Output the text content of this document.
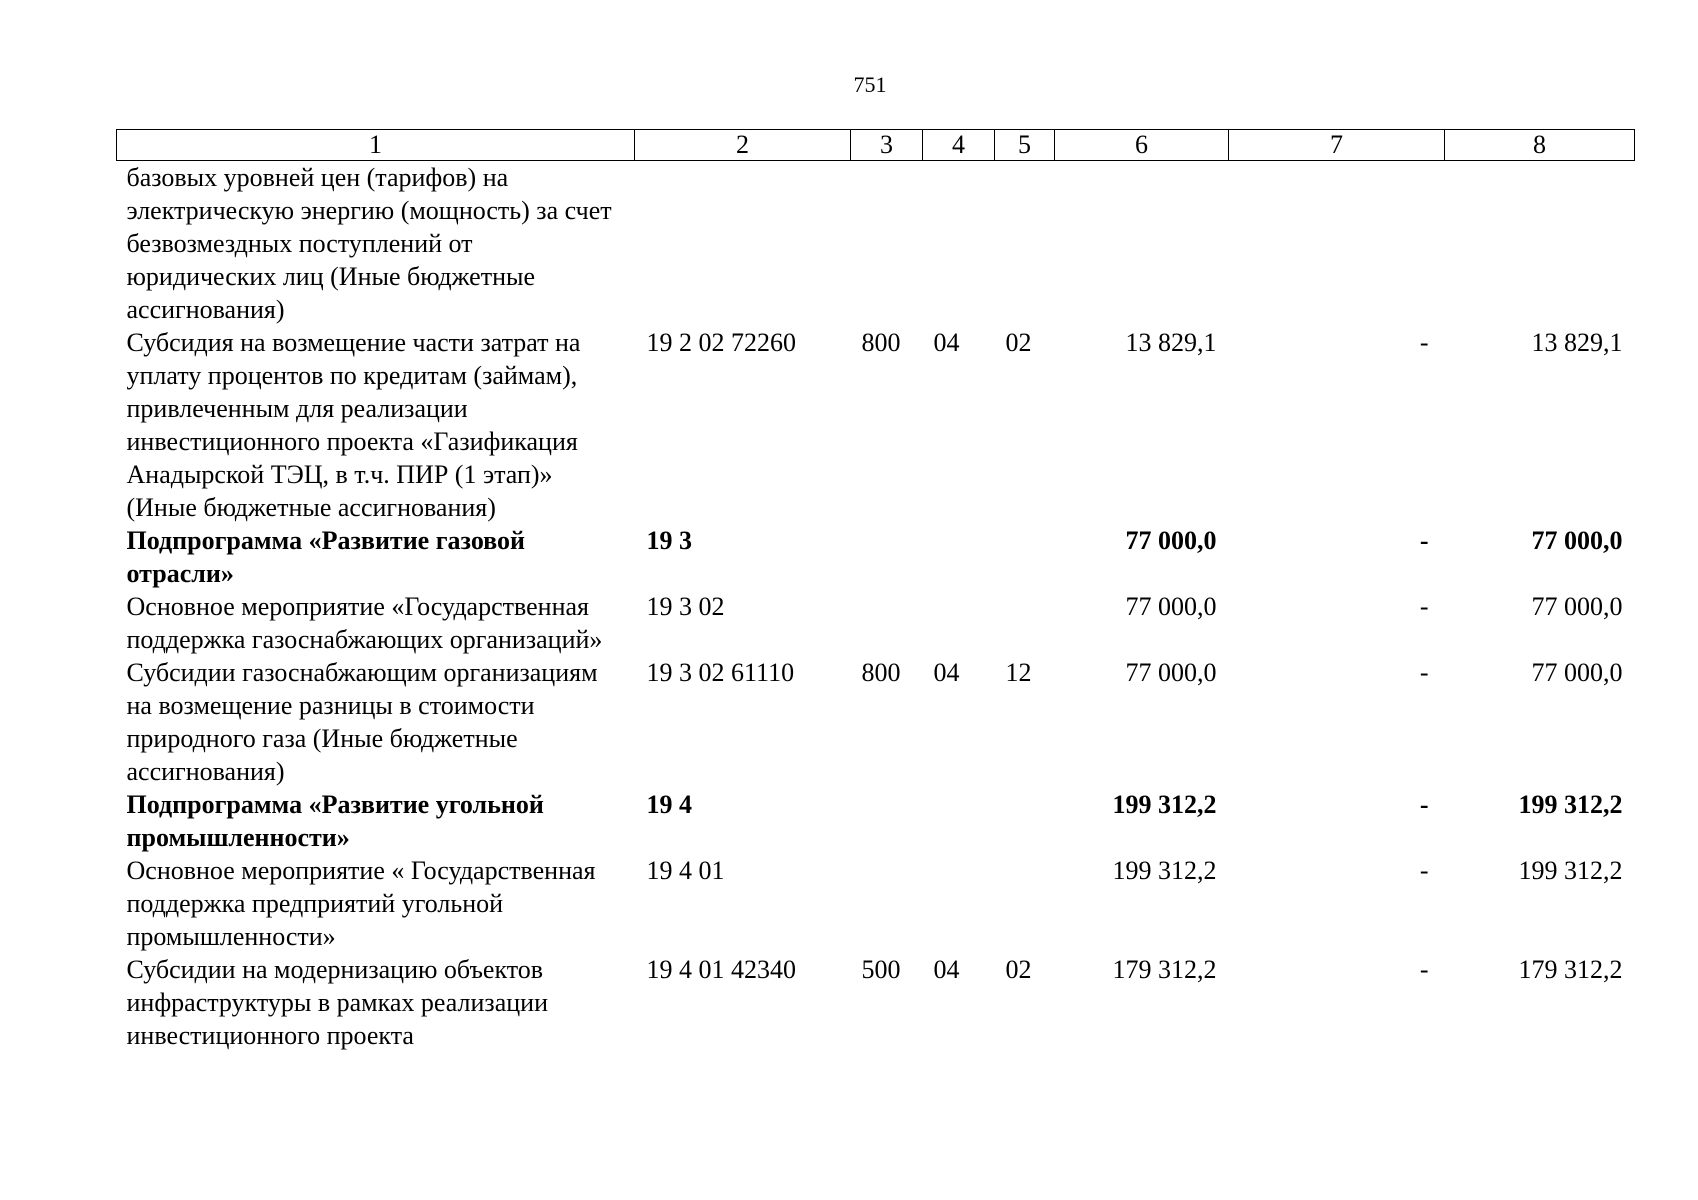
751
1	2	3	4	5	6	7	8
базовых уровней цен (тарифов) на электрическую энергию (мощность) за счет безвозмездных поступлений от юридических лиц (Иные бюджетные ассигнования)							
Субсидия на возмещение части затрат на уплату процентов по кредитам (займам), привлеченным для реализации инвестиционного проекта «Газификация Анадырской ТЭЦ, в т.ч. ПИР (1 этап)» (Иные бюджетные ассигнования)	19 2 02 72260	800	04	02	13 829,1	-	13 829,1
Подпрограмма «Развитие газовой отрасли»	19 3				77 000,0	-	77 000,0
Основное мероприятие «Государственная поддержка газоснабжающих организаций»	19 3 02				77 000,0	-	77 000,0
Субсидии газоснабжающим организациям на возмещение разницы в стоимости природного газа (Иные бюджетные ассигнования)	19 3 02 61110	800	04	12	77 000,0	-	77 000,0
Подпрограмма «Развитие угольной промышленности»	19 4				199 312,2	-	199 312,2
Основное мероприятие « Государственная поддержка предприятий угольной промышленности»	19 4 01				199 312,2	-	199 312,2
Субсидии на модернизацию объектов инфраструктуры в рамках реализации инвестиционного проекта	19 4 01 42340	500	04	02	179 312,2	-	179 312,2
